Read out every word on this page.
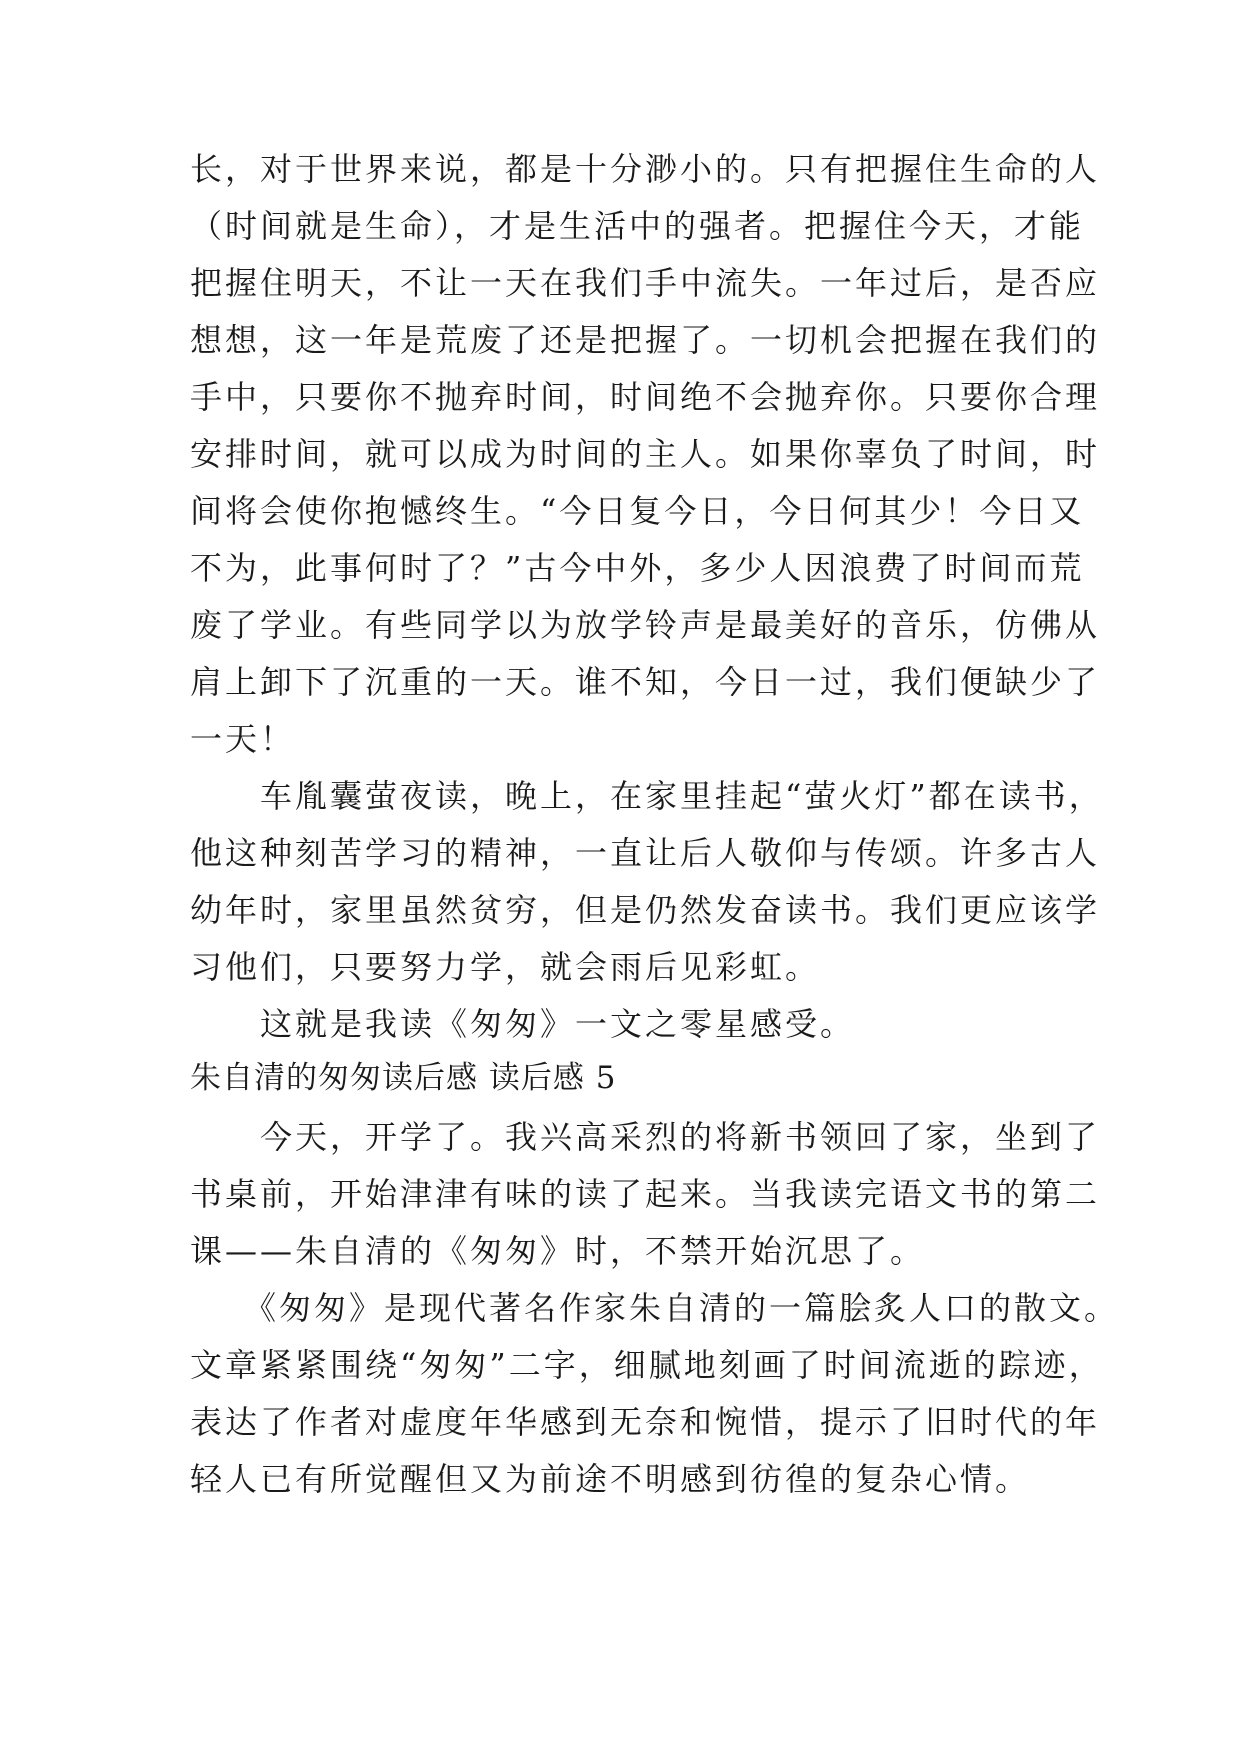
长，对于世界来说，都是十分渺小的。只有把握住生命的人
（时间就是生命），才是生活中的强者。把握住今天，才能
把握住明天，不让一天在我们手中流失。一年过后，是否应
想想，这一年是荒废了还是把握了。一切机会把握在我们的
手中，只要你不抛弃时间，时间绝不会抛弃你。只要你合理
安排时间，就可以成为时间的主人。如果你辜负了时间，时
间将会使你抱憾终生。“今日复今日，今日何其少！今日又
不为，此事何时了？”古今中外，多少人因浪费了时间而荒
废了学业。有些同学以为放学铃声是最美好的音乐，仿佛从
肩上卸下了沉重的一天。谁不知，今日一过，我们便缺少了
一天！
　　车胤囊萤夜读，晚上，在家里挂起“萤火灯”都在读书，
他这种刻苦学习的精神，一直让后人敬仰与传颂。许多古人
幼年时，家里虽然贫穷，但是仍然发奋读书。我们更应该学
习他们，只要努力学，就会雨后见彩虹。
　　这就是我读《匆匆》一文之零星感受。
朱自清的匆匆读后感 读后感 5
　　今天，开学了。我兴高采烈的将新书领回了家，坐到了
书桌前，开始津津有味的读了起来。当我读完语文书的第二
课——朱自清的《匆匆》时，不禁开始沉思了。
　　《匆匆》是现代著名作家朱自清的一篇脍炙人口的散文。
文章紧紧围绕“匆匆”二字，细腻地刻画了时间流逝的踪迹，
表达了作者对虚度年华感到无奈和惋惜，提示了旧时代的年
轻人已有所觉醒但又为前途不明感到彷徨的复杂心情。
